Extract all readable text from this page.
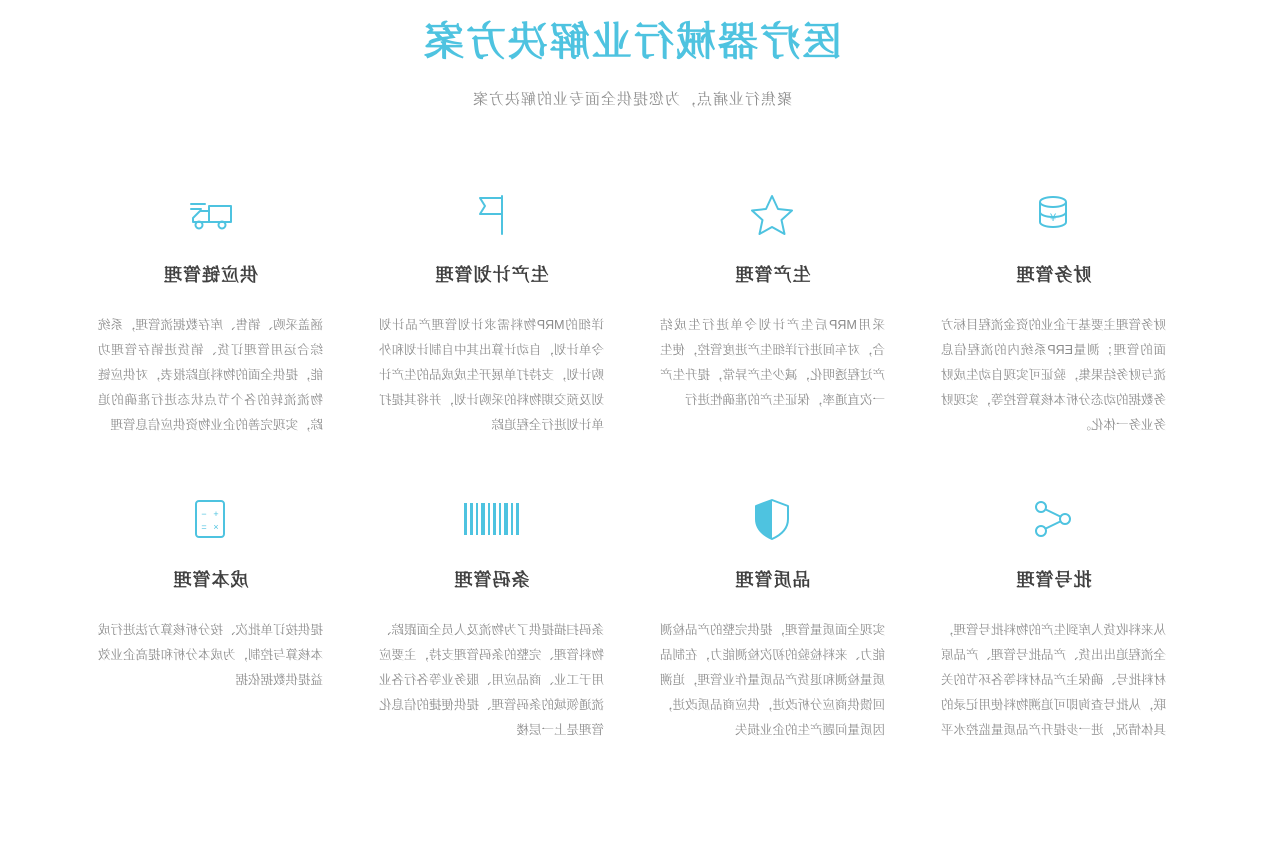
医疗器械行业解决方案

聚焦行业痛点，为您提供全面专业的解决方案

¥
财务管理
财务管理主要基于企业的资金流程目标方面的管理；测量ERP系统内的流程信息流与财务结果集，验证可实现自动生成财务数据的动态分析本核算管控等，实现财务业务一体化。
生产管理
采用MRP后生产计划令单进行生成结合，对车间进行详细生产进度管控，使生产过程透明化，减少生产异常，提升生产一次直通率，保证生产的准确性进行
生产计划管理
详细的MRP物料需求计划管理产品计划令单计划，自动计算出其中自制计划和外购计划，支持打单展开生成成品的生产计划及预交期物料的采购计划，并将其提打单计划进行全程追踪
供应链管理
涵盖采购、销售、库存数据流管理，系统综合运用管理订货、销货进销存管理功能，提供全面的物料追踪报表，对供应链物流流转的各个节点状态进行准确的追踪，实现完善的企业物资供应信息管理
批号管理
从来料收货人库到生产的物料批号管理，全流程追出出货、产品批号管理、产品原材料批号、确保主产品材料等各环节的关联，从批号查询即可追溯物料使用记录的具体情况，进一步提升产品质量监控水平
品质管理
实现全面质量管理，提供完整的产品检测能力、来料检验的初次检测能力，在制品质量检测和退货产品质量作业管理，追溯回馈供商应分析改进，供应商品质改进，因质量问题产生的企业损失
条码管理
条码扫描提供了为物流及人员全面跟踪、物料管理、完整的条码管理支持，主要应用于工业、商品应用、服务业等各行各业流通领域的条码管理、提供便捷的信息化管理是上一层楼
+
−
×
=
成本管理
提供按订单批次、按分析核算方法进行成本核算与控制，为成本分析和提高企业效益提供数据依据
